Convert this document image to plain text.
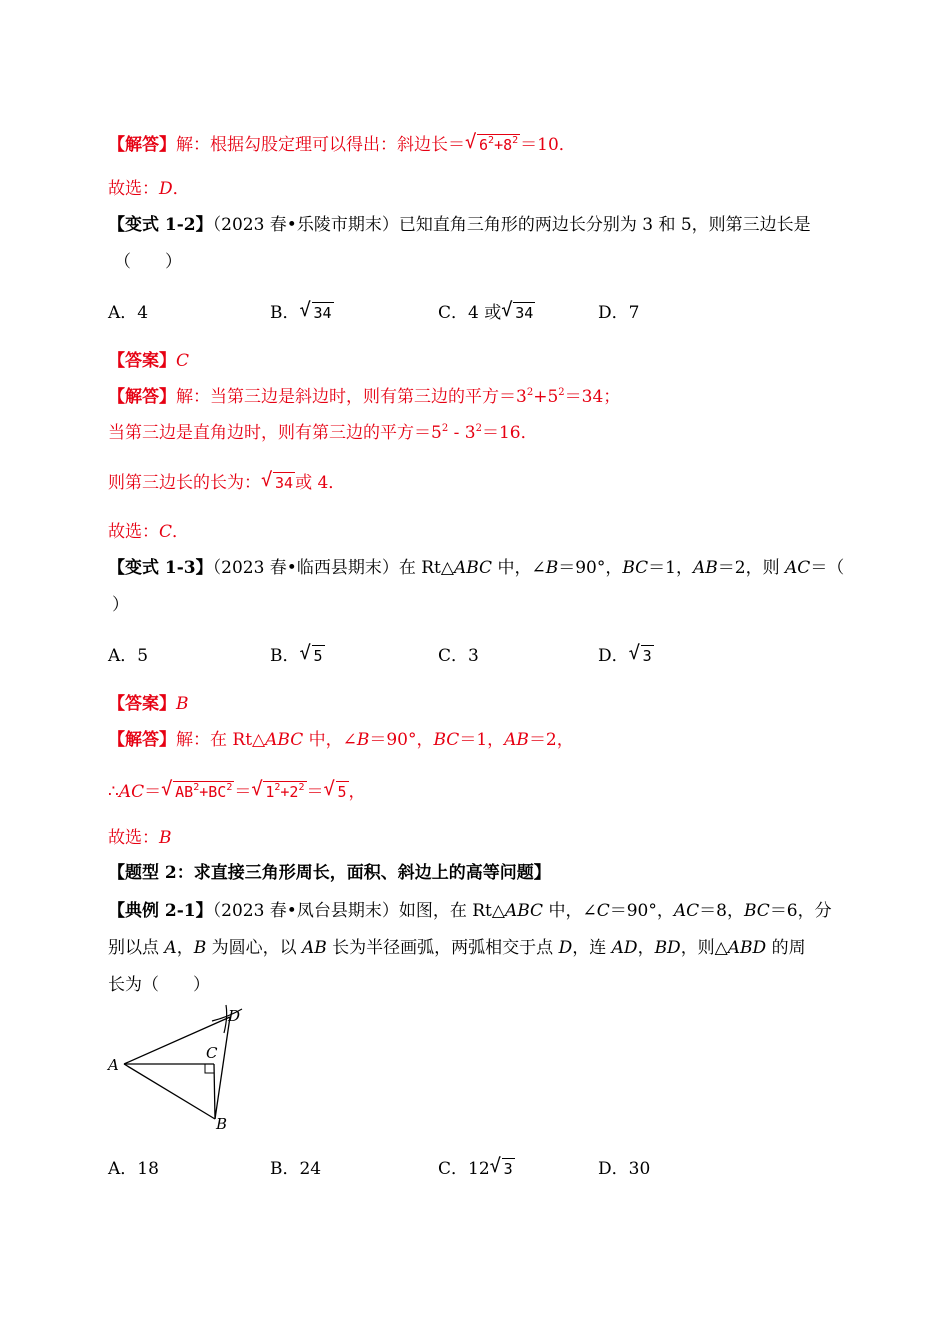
【解答】解：根据勾股定理可以得出：斜边长＝ √ $6^2+8^2 =10$．
故选：D．
【变式 1-2】（2023 春•乐陵市期末）已知直角三角形的两边长分别为 3 和 5，则第三边长是
（　　）
A．4	B． √ 34	C．4 或 √ 34	D．7
【答案】C
【解答】解：当第三边是斜边时，则有第三边的平方$=3^2+5^2=34$；
当第三边是直角边时，则有第三边的平方$=5^2 - 3^2=16$．
则第三边长的长为： √ 34 或 4．
故选：C．
【变式 1-3】（2023 春•临西县期末）在 Rt△ABC 中，∠B＝90°，BC＝1，AB＝2，则 AC＝（
）
A．5	B． √ 5	C．3	D． √ 3
【答案】B
【解答】解：在 Rt△ABC 中，∠B＝90°，BC＝1，AB＝2，
∴AC＝ √ $AB^2+BC^2$ ＝ √ $1^2+2^2$ ＝ √ 5 ，
故选：B
【题型 2：求直接三角形周长，面积、斜边上的高等问题】
【典例 2-1】（2023 春•凤台县期末）如图，在 Rt△ABC 中，∠C＝90°，AC＝8，BC＝6，分
别以点 A，B 为圆心，以 AB 长为半径画弧，两弧相交于点 D，连 AD，BD，则△ABD 的周
长为（　　）
A
C
B
D
A．18	B．24	C．12 √ 3	D．30
